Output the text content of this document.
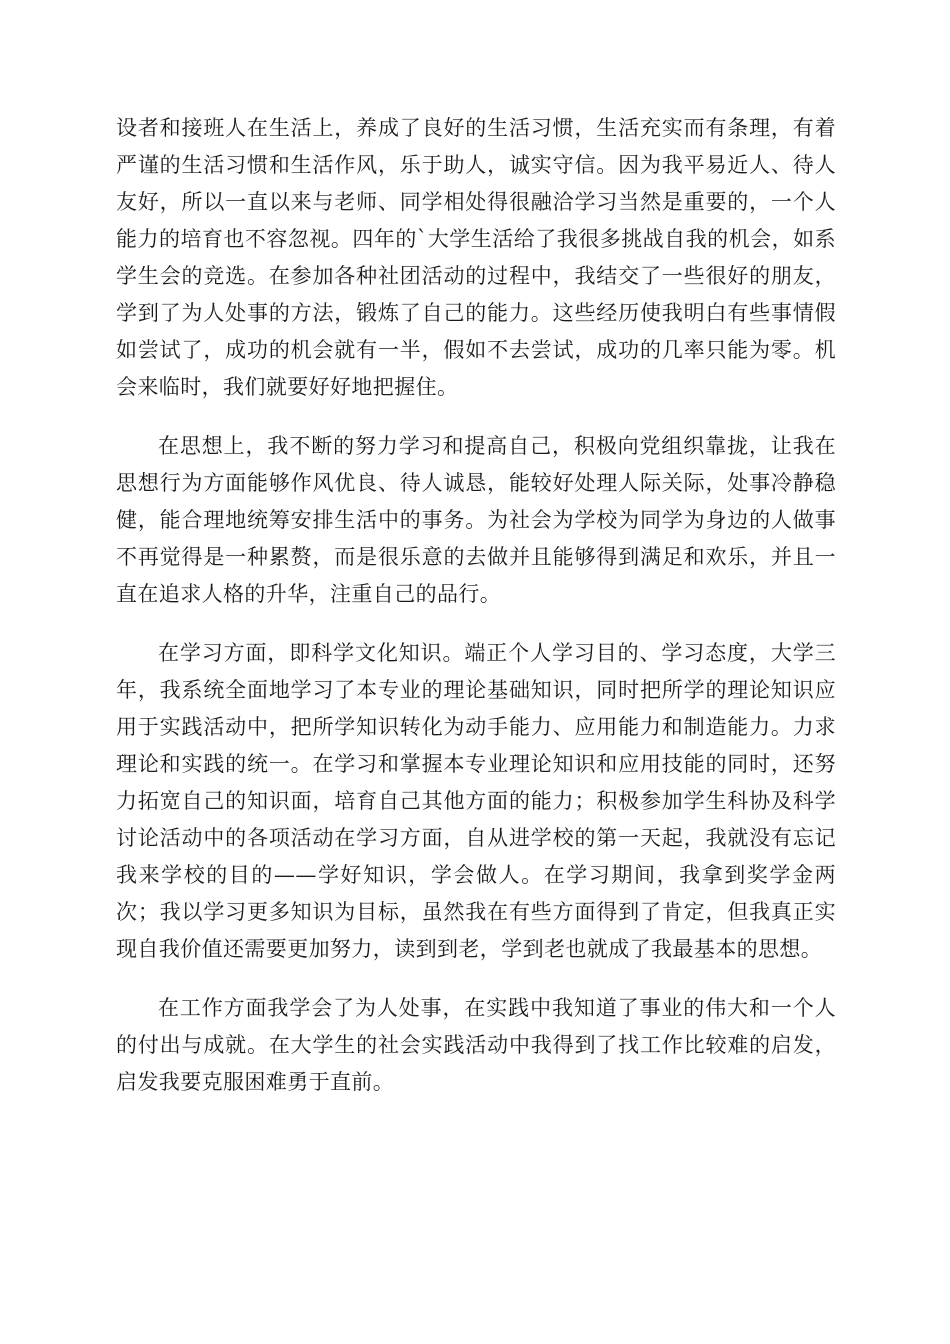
设者和接班人在生活上，养成了良好的生活习惯，生活充实而有条理，有着严谨的生活习惯和生活作风，乐于助人，诚实守信。因为我平易近人、待人友好，所以一直以来与老师、同学相处得很融洽学习当然是重要的，一个人能力的培育也不容忽视。四年的`大学生活给了我很多挑战自我的机会，如系学生会的竞选。在参加各种社团活动的过程中，我结交了一些很好的朋友，学到了为人处事的方法，锻炼了自己的能力。这些经历使我明白有些事情假如尝试了，成功的机会就有一半，假如不去尝试，成功的几率只能为零。机会来临时，我们就要好好地把握住。

在思想上，我不断的努力学习和提高自己，积极向党组织靠拢，让我在思想行为方面能够作风优良、待人诚恳，能较好处理人际关际，处事冷静稳健，能合理地统筹安排生活中的事务。为社会为学校为同学为身边的人做事不再觉得是一种累赘，而是很乐意的去做并且能够得到满足和欢乐，并且一直在追求人格的升华，注重自己的品行。

在学习方面，即科学文化知识。端正个人学习目的、学习态度，大学三年，我系统全面地学习了本专业的理论基础知识，同时把所学的理论知识应用于实践活动中，把所学知识转化为动手能力、应用能力和制造能力。力求理论和实践的统一。在学习和掌握本专业理论知识和应用技能的同时，还努力拓宽自己的知识面，培育自己其他方面的能力；积极参加学生科协及科学讨论活动中的各项活动在学习方面，自从进学校的第一天起，我就没有忘记我来学校的目的——学好知识，学会做人。在学习期间，我拿到奖学金两次；我以学习更多知识为目标，虽然我在有些方面得到了肯定，但我真正实现自我价值还需要更加努力，读到到老，学到老也就成了我最基本的思想。

在工作方面我学会了为人处事，在实践中我知道了事业的伟大和一个人的付出与成就。在大学生的社会实践活动中我得到了找工作比较难的启发，启发我要克服困难勇于直前。
